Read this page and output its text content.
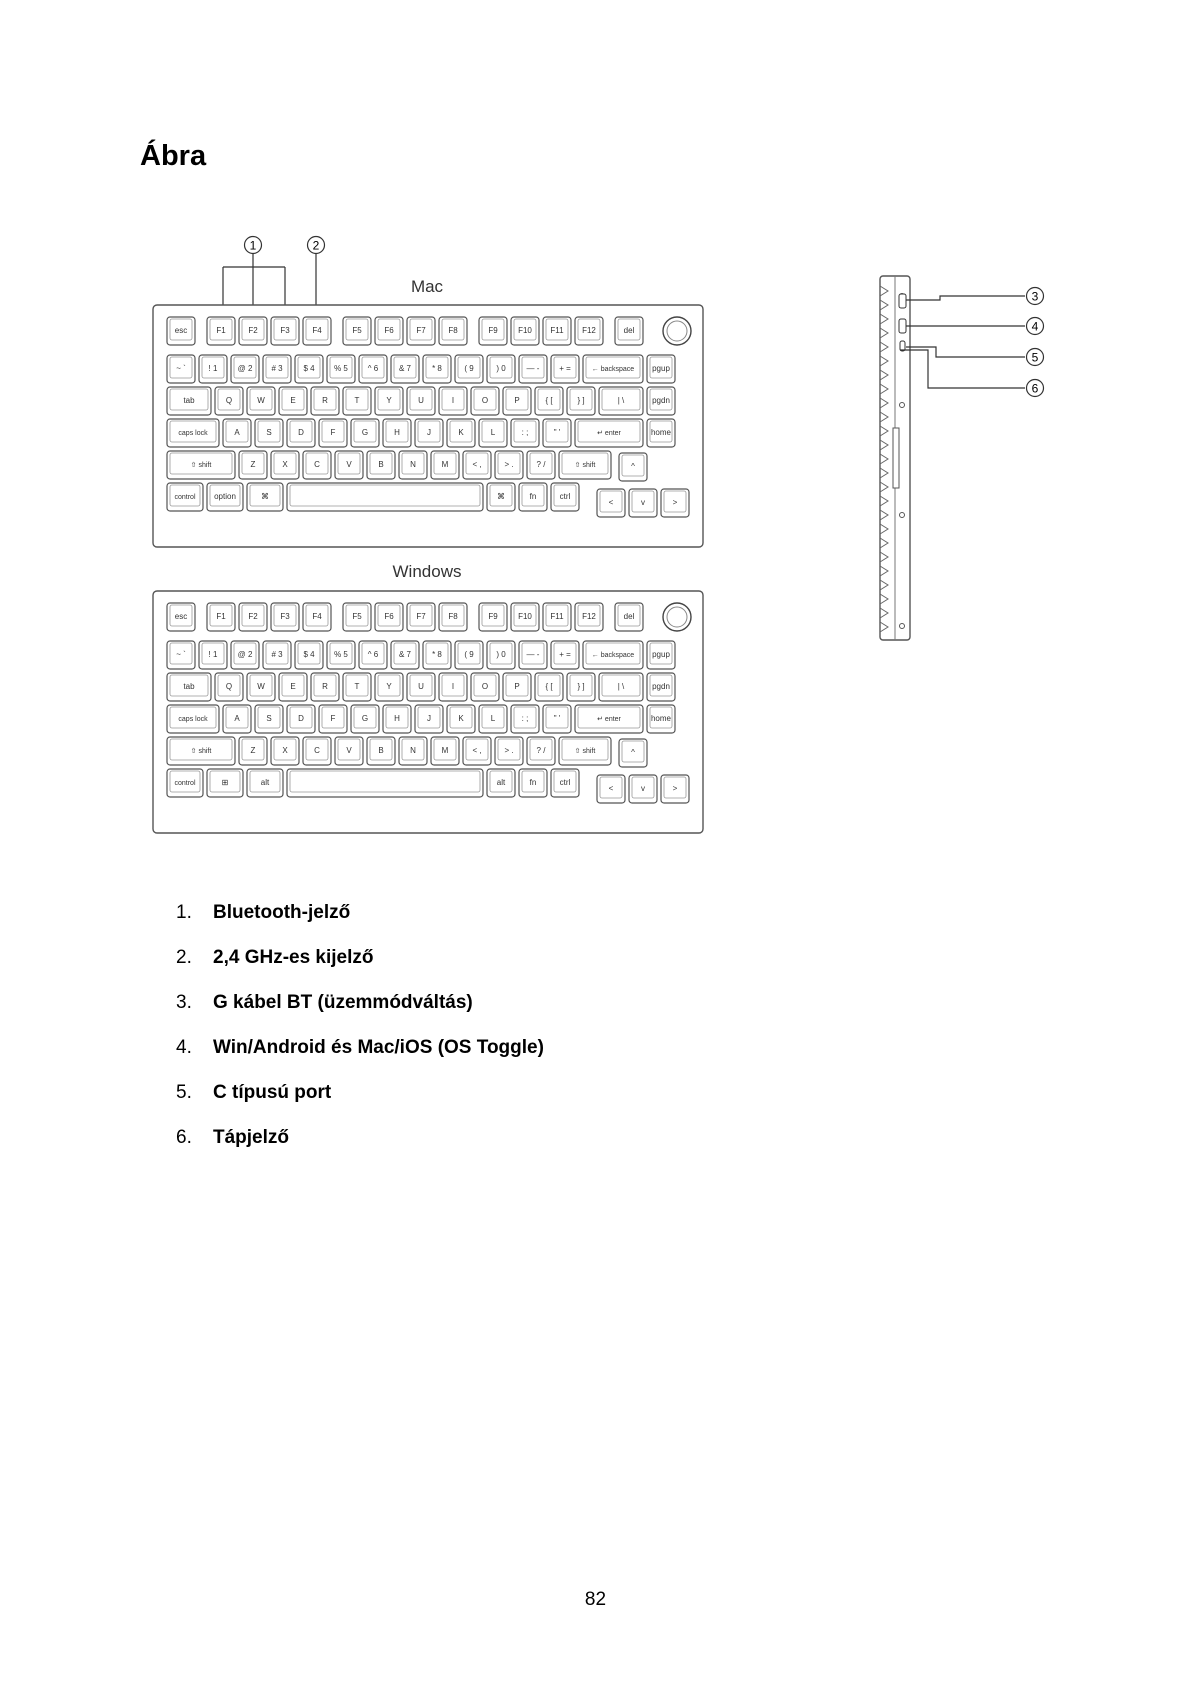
Ábra
1	2
Mac
Windows
esc	F1	F2	F3	F4	F5	F6	F7	F8	F9	F10 F11 F12	del
~ `	! 1	@ 2 # 3	$ 4 % 5 ^ 6	& 7	* 8	( 9	) 0	— - + =	← backspace pgup
tab	Q	W	E	R	T	Y	U	I	O	P	{ [	} ]	| \	pgdn
caps lock	A	S	D	F	G	H	J	K	L	: ;	" '	↵ enter	home
⇧ shift	Z	X	C	V	B	N	M	< ,	> .	? /	⇧ shift	^
control option	⌘	⌘	fn	ctrl
<	v	>
esc	F1	F2	F3	F4	F5	F6	F7	F8	F9	F10 F11 F12	del
~ `	! 1	@ 2 # 3	$ 4 % 5 ^ 6	& 7	* 8	( 9	) 0	— - + =	← backspace pgup
tab	Q	W	E	R	T	Y	U	I	O	P	{ [	} ]	| \	pgdn
caps lock	A	S	D	F	G	H	J	K	L	: ;	" '	↵ enter	home
⇧ shift	Z	X	C	V	B	N	M	< ,	> .	? /	⇧ shift	^
control	⊞	alt	alt	fn	ctrl
<	v	>
3
4
5
6
1.	Bluetooth-jelző
2.	2,4 GHz-es kijelző
3.	G kábel BT (üzemmódváltás)
4.	Win/Android és Mac/iOS (OS Toggle)
5.	C típusú port
6.	Tápjelző
82
